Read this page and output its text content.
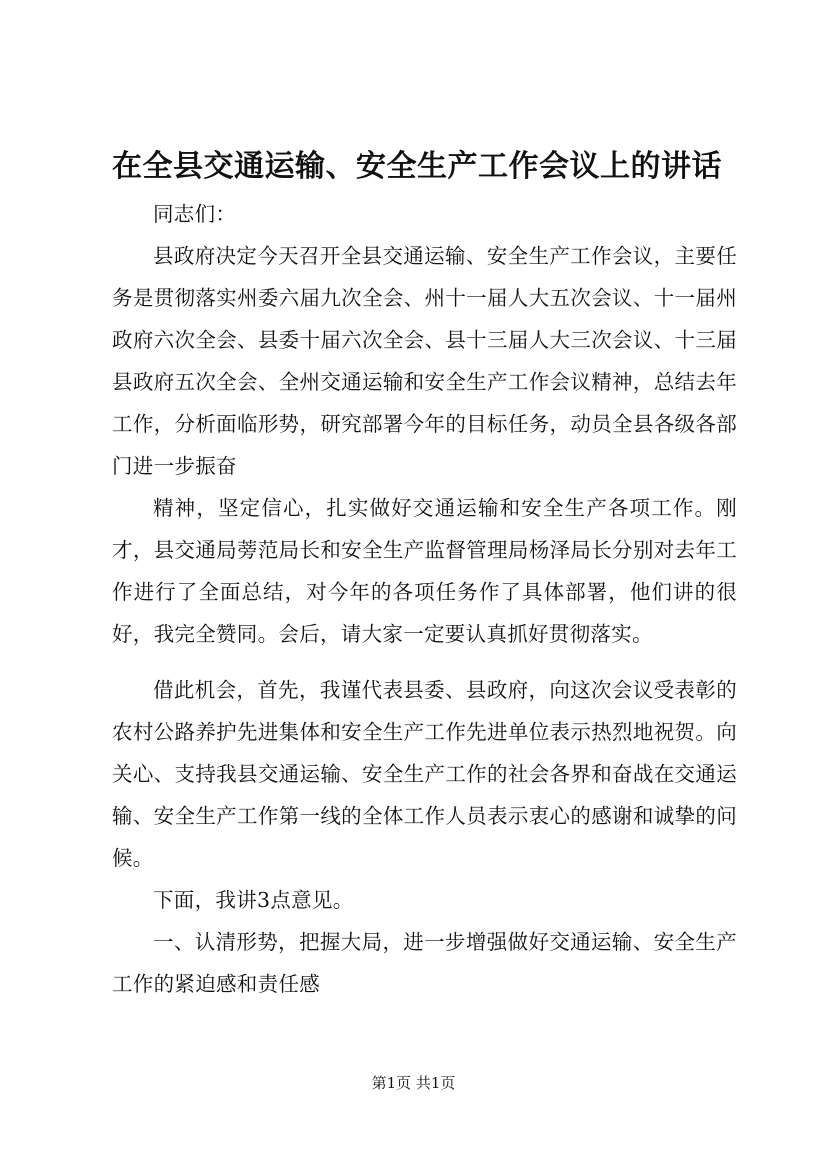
在全县交通运输、安全生产工作会议上的讲话

同志们：

县政府决定今天召开全县交通运输、安全生产工作会议，主要任务是贯彻落实州委六届九次全会、州十一届人大五次会议、十一届州政府六次全会、县委十届六次全会、县十三届人大三次会议、十三届县政府五次全会、全州交通运输和安全生产工作会议精神，总结去年工作，分析面临形势，研究部署今年的目标任务，动员全县各级各部门进一步振奋

精神，坚定信心，扎实做好交通运输和安全生产各项工作。刚才，县交通局蒡范局长和安全生产监督管理局杨泽局长分别对去年工作进行了全面总结，对今年的各项任务作了具体部署，他们讲的很好，我完全赞同。会后，请大家一定要认真抓好贯彻落实。

借此机会，首先，我谨代表县委、县政府，向这次会议受表彰的农村公路养护先进集体和安全生产工作先进单位表示热烈地祝贺。向关心、支持我县交通运输、安全生产工作的社会各界和奋战在交通运输、安全生产工作第一线的全体工作人员表示衷心的感谢和诚挚的问候。

下面，我讲3点意见。

一、认清形势，把握大局，进一步增强做好交通运输、安全生产工作的紧迫感和责任感

第1页 共1页
